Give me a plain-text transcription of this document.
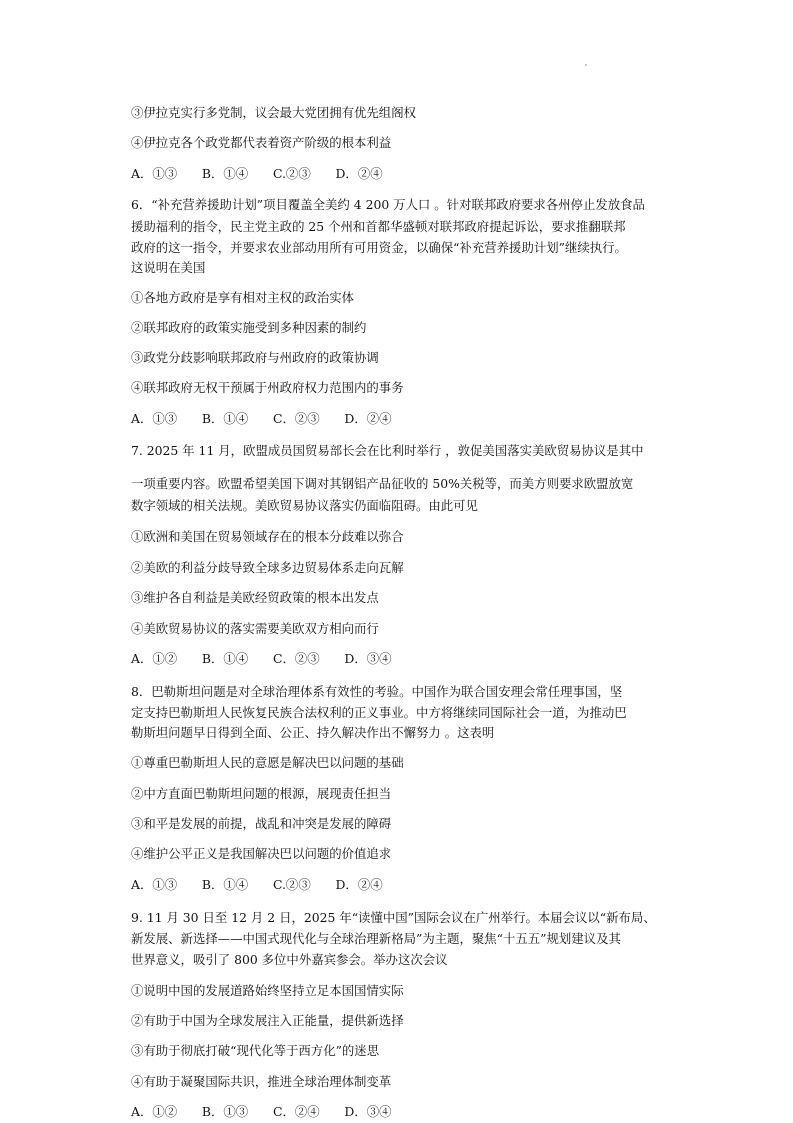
③伊拉克实行多党制，议会最大党团拥有优先组阁权
④伊拉克各个政党都代表着资产阶级的根本利益
A．①③　　B．①④　　C.②③　　D．②④
6．“补充营养援助计划”项目覆盖全美约 4 200 万人口 。针对联邦政府要求各州停止发放食品
援助福利的指令，民主党主政的 25 个州和首都华盛顿对联邦政府提起诉讼，要求推翻联邦
政府的这一指令，并要求农业部动用所有可用资金，以确保“补充营养援助计划”继续执行。
这说明在美国
①各地方政府是享有相对主权的政治实体
②联邦政府的政策实施受到多种因素的制约
③政党分歧影响联邦政府与州政府的政策协调
④联邦政府无权干预属于州政府权力范围内的事务
A．①③　　B．①④　　C．②③　　D．②④
7. 2025 年 11 月，欧盟成员国贸易部长会在比利时举行 ，敦促美国落实美欧贸易协议是其中
一项重要内容。欧盟希望美国下调对其钢铝产品征收的 50%关税等，而美方则要求欧盟放宽
数字领域的相关法规。美欧贸易协议落实仍面临阻碍。由此可见
①欧洲和美国在贸易领域存在的根本分歧难以弥合
②美欧的利益分歧导致全球多边贸易体系走向瓦解
③维护各自利益是美欧经贸政策的根本出发点
④美欧贸易协议的落实需要美欧双方相向而行
A．①②　　B．①④　　C．②③　　D．③④
8．巴勒斯坦问题是对全球治理体系有效性的考验。中国作为联合国安理会常任理事国，坚
定支持巴勒斯坦人民恢复民族合法权利的正义事业。中方将继续同国际社会一道，为推动巴
勒斯坦问题早日得到全面、公正、持久解决作出不懈努力 。这表明
①尊重巴勒斯坦人民的意愿是解决巴以问题的基础
②中方直面巴勒斯坦问题的根源，展现责任担当
③和平是发展的前提，战乱和冲突是发展的障碍
④维护公平正义是我国解决巴以问题的价值追求
A．①③　　B．①④　　C.②③　　D．②④
9. 11 月 30 日至 12 月 2 日，2025 年“读懂中国”国际会议在广州举行。本届会议以“新布局、
新发展、新选择——中国式现代化与全球治理新格局”为主题，聚焦“十五五”规划建议及其
世界意义，吸引了 800 多位中外嘉宾参会。举办这次会议
①说明中国的发展道路始终坚持立足本国国情实际
②有助于中国为全球发展注入正能量，提供新选择
③有助于彻底打破“现代化等于西方化”的迷思
④有助于凝聚国际共识，推进全球治理体制变革
A．①②　　B．①③　　C．②④　　D．③④
